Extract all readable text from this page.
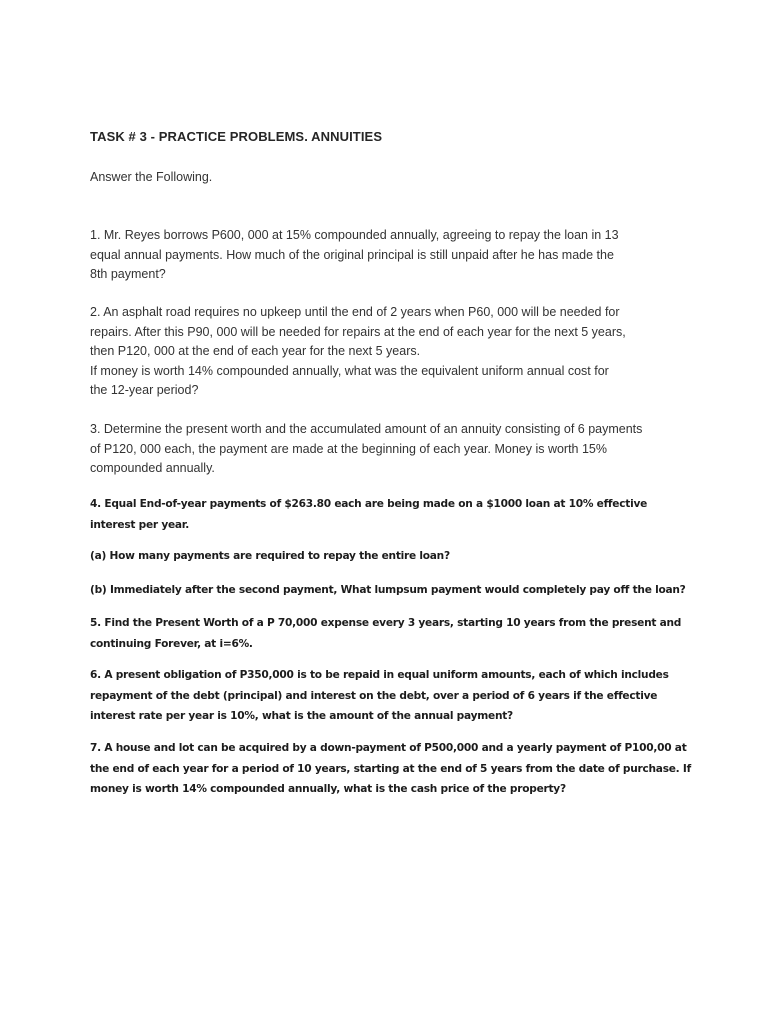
TASK # 3 - PRACTICE PROBLEMS. ANNUITIES
Answer the Following.
1. Mr. Reyes borrows P600, 000 at 15% compounded annually, agreeing to repay the loan in 13
equal annual payments. How much of the original principal is still unpaid after he has made the
8th payment?
2. An asphalt road requires no upkeep until the end of 2 years when P60, 000 will be needed for
repairs. After this P90, 000 will be needed for repairs at the end of each year for the next 5 years,
then P120, 000 at the end of each year for the next 5 years.
If money is worth 14% compounded annually, what was the equivalent uniform annual cost for
the 12-year period?
3. Determine the present worth and the accumulated amount of an annuity consisting of 6 payments
of P120, 000 each, the payment are made at the beginning of each year. Money is worth 15%
compounded annually.
4. Equal End-of-year payments of $263.80 each are being made on a $1000 loan at 10% effective
interest per year.
(a) How many payments are required to repay the entire loan?
(b) Immediately after the second payment, What lumpsum payment would completely pay off the loan?
5. Find the Present Worth of a P 70,000 expense every 3 years, starting 10 years from the present and
continuing Forever, at i=6%.
6. A present obligation of P350,000 is to be repaid in equal uniform amounts, each of which includes
repayment of the debt (principal) and interest on the debt, over a period of 6 years if the effective
interest rate per year is 10%, what is the amount of the annual payment?
7. A house and lot can be acquired by a down-payment of P500,000 and a yearly payment of P100,00 at
the end of each year for a period of 10 years, starting at the end of 5 years from the date of purchase. If
money is worth 14% compounded annually, what is the cash price of the property?
